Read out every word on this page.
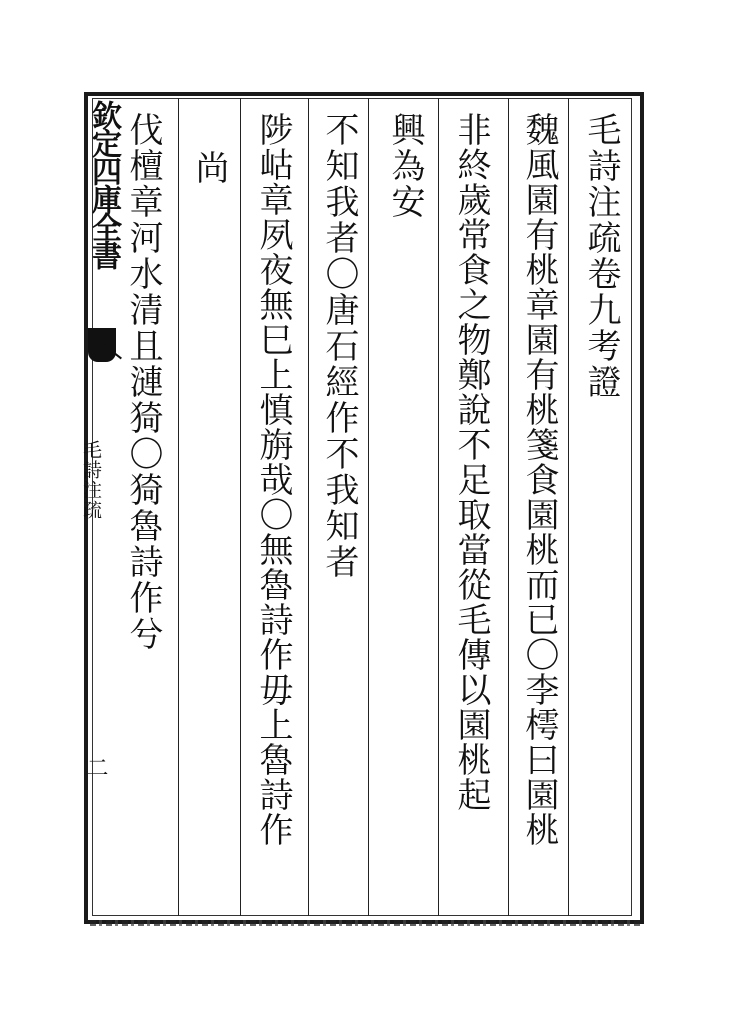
欽定四庫全書
毛詩注疏
二
毛詩注疏卷九考證
魏風園有桃章園有桃箋食園桃而已〇李樗曰園桃
非終歲常食之物鄭說不足取當從毛傳以園桃起
興為安
不知我者〇唐石經作不我知者
陟岵章夙夜無巳上慎旃哉〇無魯詩作毋上魯詩作
尚
伐檀章河水清且漣猗〇猗魯詩作兮
